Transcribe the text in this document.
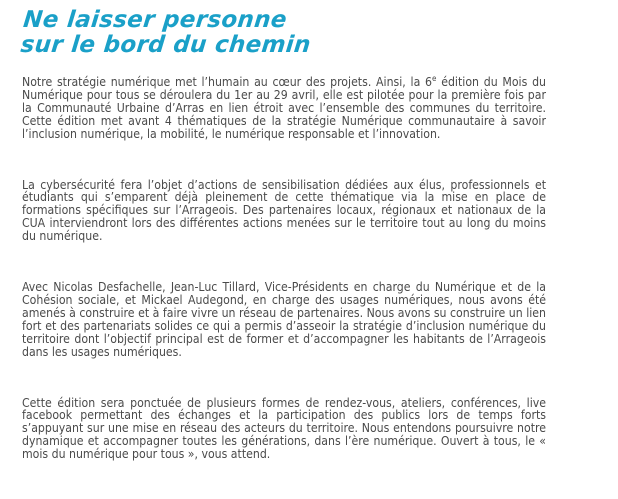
Ne laisser personne
sur le bord du chemin

Notre stratégie numérique met l’humain au cœur des projets. Ainsi, la 6e édition du Mois du Numérique pour tous se déroulera du 1er au 29 avril, elle est pilotée pour la première fois par la Communauté Urbaine d’Arras en lien étroit avec l’ensemble des communes du territoire. Cette édition met avant 4 thématiques de la stratégie Numérique communautaire à savoir l’inclusion numérique, la mobilité, le numérique responsable et l’innovation.

La cybersécurité fera l’objet d’actions de sensibilisation dédiées aux élus, professionnels et étudiants qui s’emparent déjà pleinement de cette thématique via la mise en place de formations spécifiques sur l’Arrageois. Des partenaires locaux, régionaux et nationaux de la CUA interviendront lors des différentes actions menées sur le territoire tout au long du moins du numérique.

Avec Nicolas Desfachelle, Jean-Luc Tillard, Vice-Présidents en charge du Numérique et de la Cohésion sociale, et Mickael Audegond, en charge des usages numériques, nous avons été amenés à construire et à faire vivre un réseau de partenaires. Nous avons su construire un lien fort et des partenariats solides ce qui a permis d’asseoir la stratégie d’inclusion numérique du territoire dont l’objectif principal est de former et d’accompagner les habitants de l’Arrageois dans les usages numériques.

Cette édition sera ponctuée de plusieurs formes de rendez-vous, ateliers, conférences, live facebook permettant des échanges et la participation des publics lors de temps forts s’appuyant sur une mise en réseau des acteurs du territoire. Nous entendons poursuivre notre dynamique et accompagner toutes les générations, dans l’ère numérique. Ouvert à tous, le « mois du numérique pour tous », vous attend.
